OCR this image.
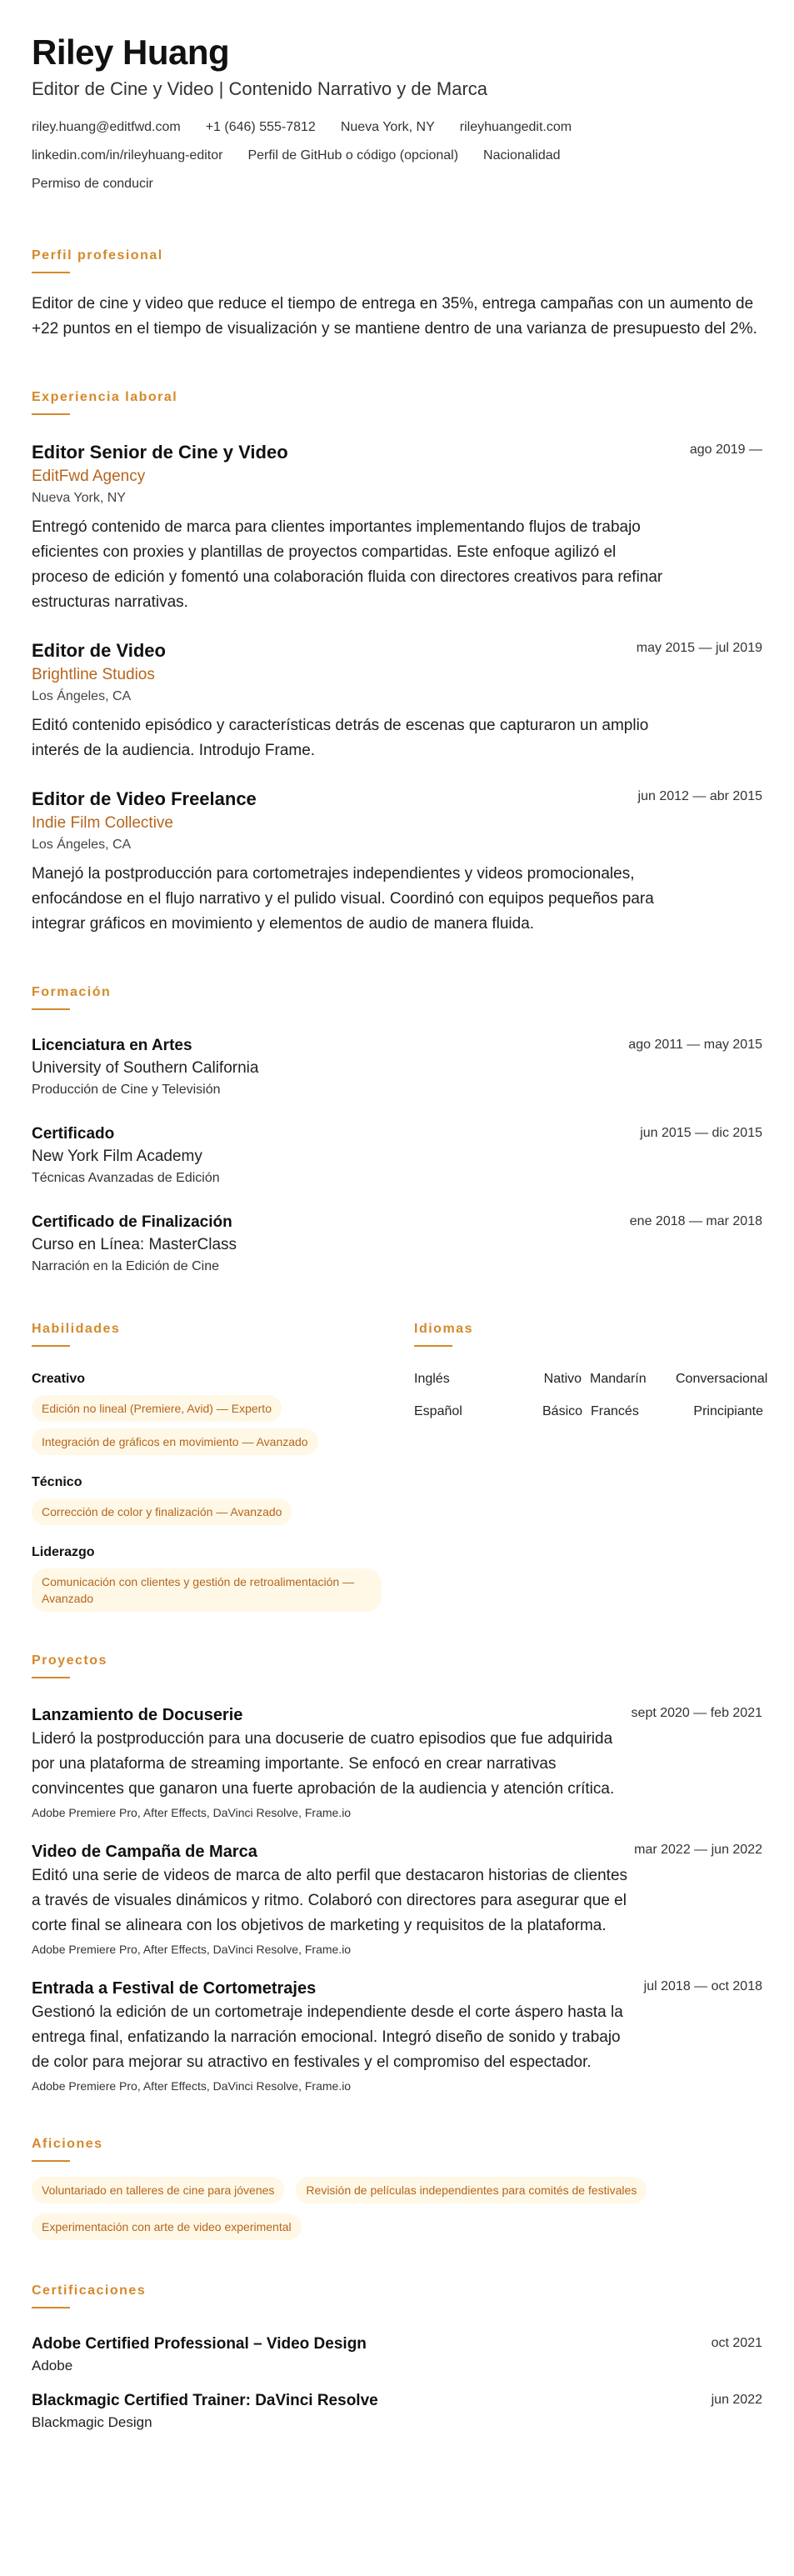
Riley Huang
Editor de Cine y Video | Contenido Narrativo y de Marca
riley.huang@editfwd.com +1 (646) 555-7812 Nueva York, NY rileyhuangedit.com
linkedin.com/in/rileyhuang-editor Perfil de GitHub o código (opcional) Nacionalidad
Permiso de conducir
Perfil profesional
Editor de cine y video que reduce el tiempo de entrega en 35%, entrega campañas con un aumento de +22 puntos en el tiempo de visualización y se mantiene dentro de una varianza de presupuesto del 2%.
Experiencia laboral
Editor Senior de Cine y Video	ago 2019 —
EditFwd Agency
Nueva York, NY
Entregó contenido de marca para clientes importantes implementando flujos de trabajo eficientes con proxies y plantillas de proyectos compartidas. Este enfoque agilizó el proceso de edición y fomentó una colaboración fluida con directores creativos para refinar estructuras narrativas.
Editor de Video	may 2015 — jul 2019
Brightline Studios
Los Ángeles, CA
Editó contenido episódico y características detrás de escenas que capturaron un amplio interés de la audiencia. Introdujo Frame.
Editor de Video Freelance	jun 2012 — abr 2015
Indie Film Collective
Los Ángeles, CA
Manejó la postproducción para cortometrajes independientes y videos promocionales, enfocándose en el flujo narrativo y el pulido visual. Coordinó con equipos pequeños para integrar gráficos en movimiento y elementos de audio de manera fluida.
Formación
Licenciatura en Artes	ago 2011 — may 2015
University of Southern California
Producción de Cine y Televisión
Certificado	jun 2015 — dic 2015
New York Film Academy
Técnicas Avanzadas de Edición
Certificado de Finalización	ene 2018 — mar 2018
Curso en Línea: MasterClass
Narración en la Edición de Cine
Habilidades
Creativo
Edición no lineal (Premiere, Avid) — Experto
Integración de gráficos en movimiento — Avanzado
Técnico
Corrección de color y finalización — Avanzado
Liderazgo
Comunicación con clientes y gestión de retroalimentación — Avanzado
Idiomas
Inglés	Nativo Mandarín	Conversacional
Español	Básico Francés	Principiante
Proyectos
Lanzamiento de Docuserie	sept 2020 — feb 2021
Lideró la postproducción para una docuserie de cuatro episodios que fue adquirida por una plataforma de streaming importante. Se enfocó en crear narrativas convincentes que ganaron una fuerte aprobación de la audiencia y atención crítica.
Adobe Premiere Pro, After Effects, DaVinci Resolve, Frame.io
Video de Campaña de Marca	mar 2022 — jun 2022
Editó una serie de videos de marca de alto perfil que destacaron historias de clientes a través de visuales dinámicos y ritmo. Colaboró con directores para asegurar que el corte final se alineara con los objetivos de marketing y requisitos de la plataforma.
Adobe Premiere Pro, After Effects, DaVinci Resolve, Frame.io
Entrada a Festival de Cortometrajes	jul 2018 — oct 2018
Gestionó la edición de un cortometraje independiente desde el corte áspero hasta la entrega final, enfatizando la narración emocional. Integró diseño de sonido y trabajo de color para mejorar su atractivo en festivales y el compromiso del espectador.
Adobe Premiere Pro, After Effects, DaVinci Resolve, Frame.io
Aficiones
Voluntariado en talleres de cine para jóvenes	Revisión de películas independientes para comités de festivales
Experimentación con arte de video experimental
Certificaciones
Adobe Certified Professional – Video Design	oct 2021
Adobe
Blackmagic Certified Trainer: DaVinci Resolve	jun 2022
Blackmagic Design
